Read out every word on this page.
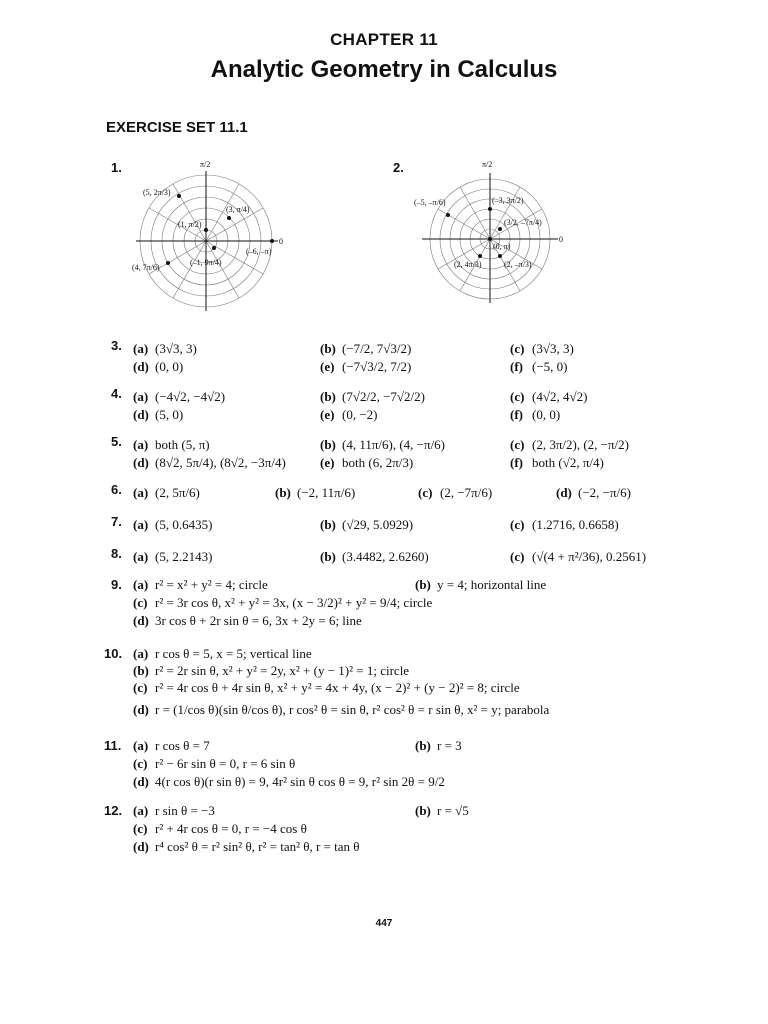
CHAPTER 11
Analytic Geometry in Calculus
EXERCISE SET 11.1
1.	π/2
0
(5, 2π/3)
(3, π/4)
(1, π/2)
(–6, –π)
(–1, 9π/4)
(4, 7π/6)
2.	π/2
0
(–5, –π/6)	(–3, 3π/2)
(3/2, –7π/4)
(0, π)
(2, 4π/3)	(2, –π/3)
3. (a) (3√3, 3)	(b) (−7/2, 7√3/2)	(c) (3√3, 3)
(d) (0, 0)	(e) (−7√3/2, 7/2)	(f) (−5, 0)
4. (a) (−4√2, −4√2)	(b) (7√2/2, −7√2/2)	(c) (4√2, 4√2)
(d) (5, 0)	(e) (0, −2)	(f) (0, 0)
5. (a) both (5, π)	(b) (4, 11π/6), (4, −π/6)	(c) (2, 3π/2), (2, −π/2)
(d) (8√2, 5π/4), (8√2, −3π/4)	(e) both (6, 2π/3)	(f) both (√2, π/4)
6. (a) (2, 5π/6)	(b) (−2, 11π/6)	(c) (2, −7π/6)	(d) (−2, −π/6)
7. (a) (5, 0.6435)	(b) (√29, 5.0929)	(c) (1.2716, 0.6658)
8. (a) (5, 2.2143)	(b) (3.4482, 2.6260)	(c) (√(4 + π²/36), 0.2561)
9. (a) r² = x² + y² = 4; circle	(b) y = 4; horizontal line
(c) r² = 3r cos θ, x² + y² = 3x, (x − 3/2)² + y² = 9/4; circle
(d) 3r cos θ + 2r sin θ = 6, 3x + 2y = 6; line
10. (a) r cos θ = 5, x = 5; vertical line
(b) r² = 2r sin θ, x² + y² = 2y, x² + (y − 1)² = 1; circle
(c) r² = 4r cos θ + 4r sin θ, x² + y² = 4x + 4y, (x − 2)² + (y − 2)² = 8; circle
(d) r = (1/cos θ)(sin θ/cos θ), r cos² θ = sin θ, r² cos² θ = r sin θ, x² = y; parabola
11. (a) r cos θ = 7	(b) r = 3
(c) r² − 6r sin θ = 0, r = 6 sin θ
(d) 4(r cos θ)(r sin θ) = 9, 4r² sin θ cos θ = 9, r² sin 2θ = 9/2
12. (a) r sin θ = −3	(b) r = √5
(c) r² + 4r cos θ = 0, r = −4 cos θ
(d) r⁴ cos² θ = r² sin² θ, r² = tan² θ, r = tan θ
447
